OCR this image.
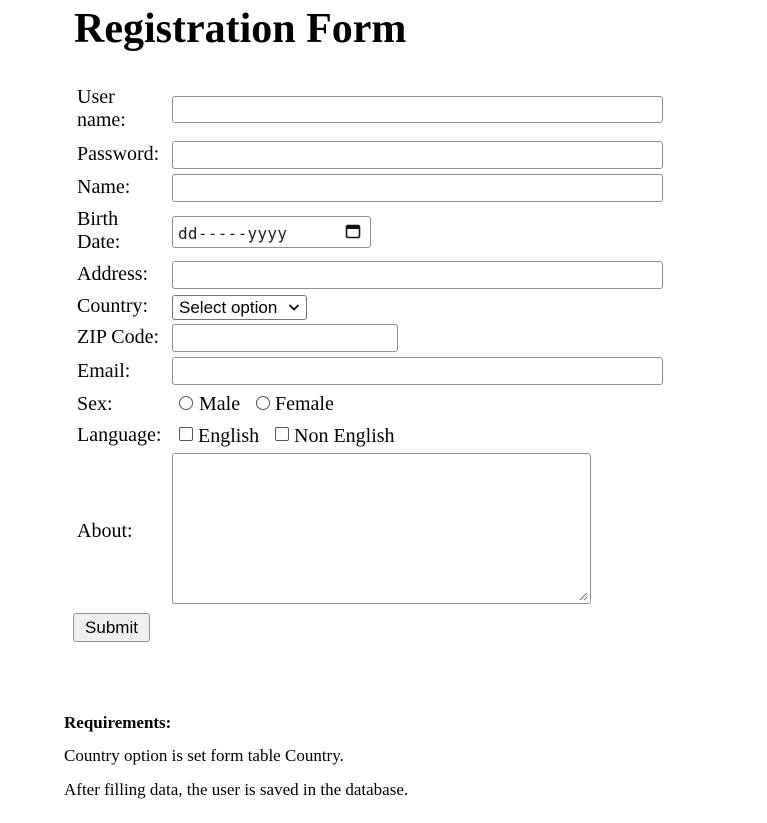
Registration Form
User
name:
Password:
Name:
Birth
Date:	dd-----yyyy
Address:
Country:	Select option
ZIP Code:
Email:
Sex:	Male Female
Language: English Non English
About:
Submit
Requirements:
Country option is set form table Country.
After filling data, the user is saved in the database.
